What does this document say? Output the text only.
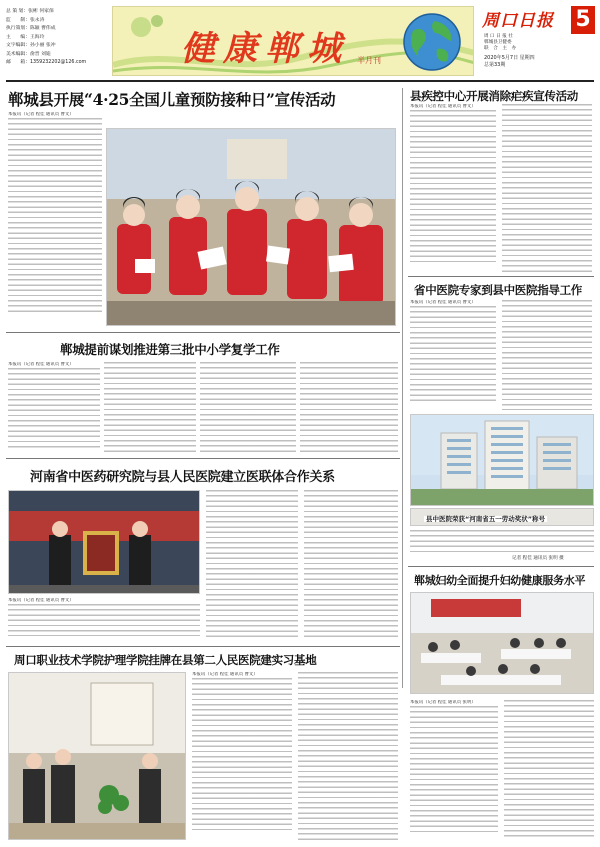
总 策 划：张彬 何家保
监　　制：张永涛
执行策划：陈颖 曹伟成
主　　编：王海玲
文字编辑：孙小丽 张冲
美术编辑：俞晋 刘迪
邮　　箱：1359232202@126.com	健康郸城 半月刊
周口日报 5
周 口 日 报 社
郸城县卫健委
联　合　主　办
2020年5月7日 星期四
总第33期
郸城县开展“4·25全国儿童预防接种日”宣传活动
本报讯（记者 程佳 通讯员 曹文）
县疾控中心开展消除疟疾宣传活动
本报讯（记者 程佳 通讯员 曹文）
省中医院专家到县中医院指导工作
本报讯（记者 程佳 通讯员 曹文）
郸城提前谋划推进第三批中小学复学工作
本报讯（记者 程佳 通讯员 曹文）
县中医院荣获“河南省五一劳动奖状”称号
记者 程佳 通讯员 张明 摄
郸城妇幼全面提升妇幼健康服务水平
本报讯（记者 程佳 通讯员 张明）
河南省中医药研究院与县人民医院建立医联体合作关系
本报讯（记者 程佳 通讯员 曹文）
周口职业技术学院护理学院挂牌在县第二人民医院建实习基地
本报讯（记者 程佳 通讯员 曹文）
